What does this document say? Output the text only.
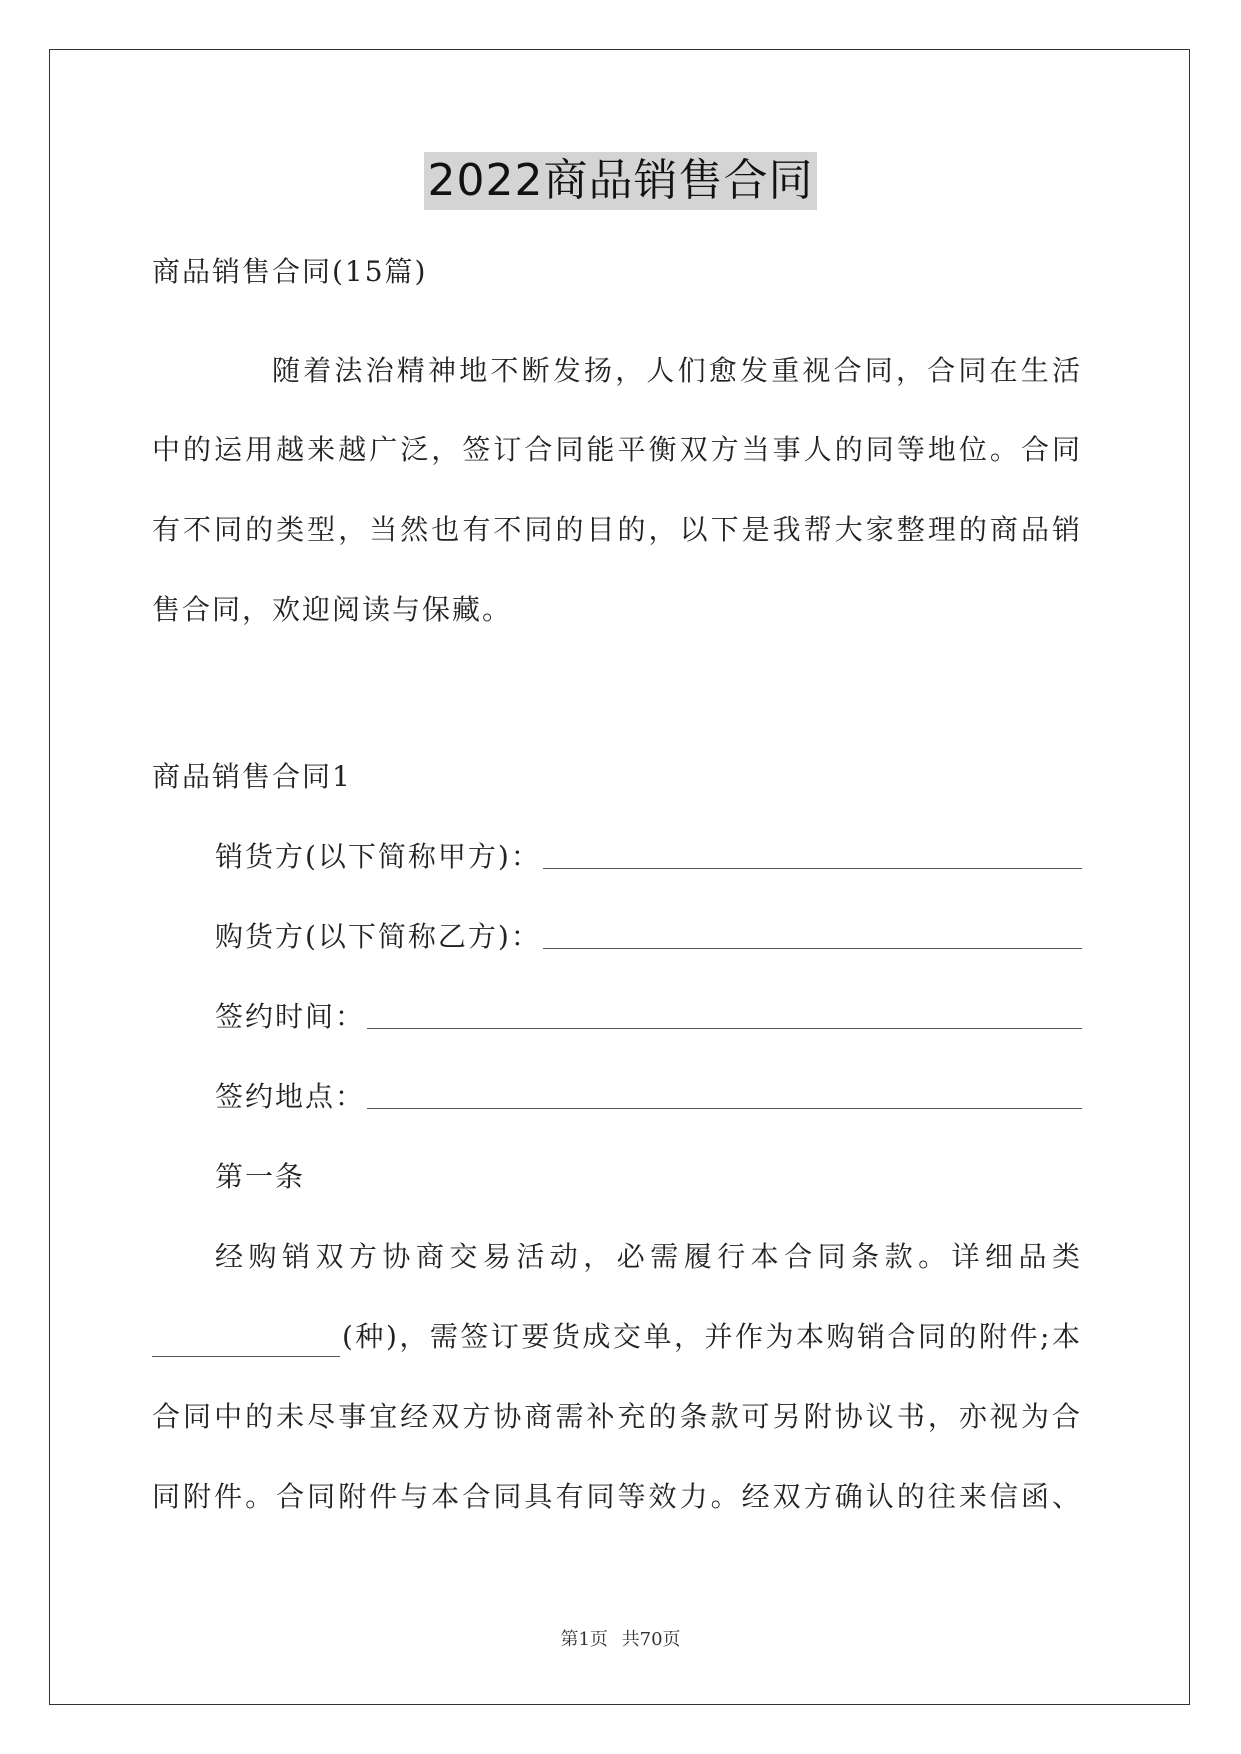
2022商品销售合同
商品销售合同(15篇)
随着法治精神地不断发扬，人们愈发重视合同，合同在生活
中的运用越来越广泛，签订合同能平衡双方当事人的同等地位。合同
有不同的类型，当然也有不同的目的，以下是我帮大家整理的商品销
售合同，欢迎阅读与保藏。
商品销售合同1
销货方(以下简称甲方)：
购货方(以下简称乙方)：
签约时间：
签约地点：
第一条
经购销双方协商交易活动，必需履行本合同条款。详细品类
(种)，需签订要货成交单，并作为本购销合同的附件;本
合同中的未尽事宜经双方协商需补充的条款可另附协议书，亦视为合
同附件。合同附件与本合同具有同等效力。经双方确认的往来信函、
第1页 共70页
